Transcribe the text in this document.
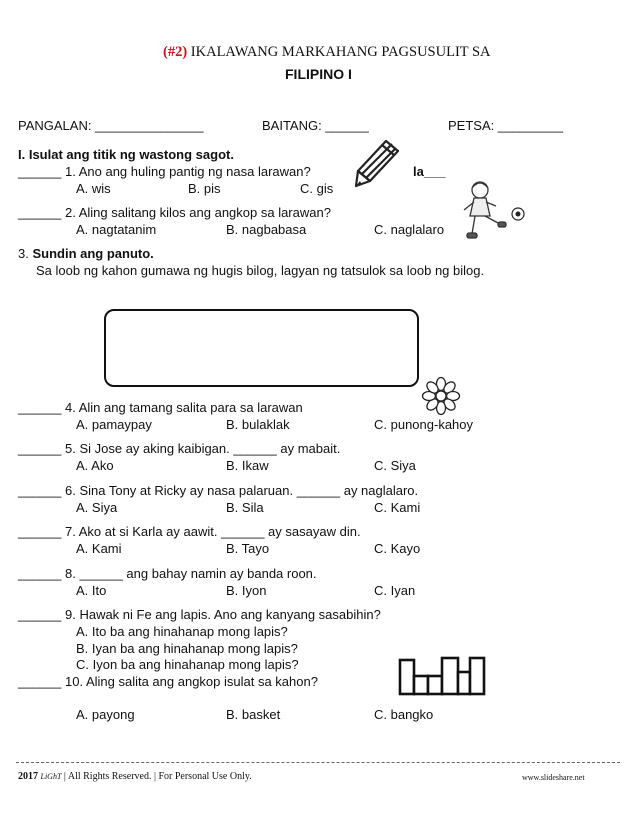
(#2) IKALAWANG MARKAHANG PAGSUSULIT SA
FILIPINO I
PANGALAN: _______________	BAITANG: ______	PETSA: _________
I. Isulat ang titik ng wastong sagot.
______ 1. Ano ang huling pantig ng nasa larawan?	la___
A. wis	B. pis	C. gis
______ 2. Aling salitang kilos ang angkop sa larawan?
A. nagtatanim	B. nagbabasa	C. naglalaro
3. Sundin ang panuto.
Sa loob ng kahon gumawa ng hugis bilog, lagyan ng tatsulok sa loob ng bilog.
______ 4. Alin ang tamang salita para sa larawan
A. pamaypay	B. bulaklak	C. punong-kahoy
______ 5. Si Jose ay aking kaibigan. ______ ay mabait.
A. Ako	B. Ikaw	C. Siya
______ 6. Sina Tony at Ricky ay nasa palaruan. ______ ay naglalaro.
A. Siya	B. Sila	C. Kami
______ 7. Ako at si Karla ay aawit. ______ ay sasayaw din.
A. Kami	B. Tayo	C. Kayo
______ 8. ______ ang bahay namin ay banda roon.
A. Ito	B. Iyon	C. Iyan
______ 9. Hawak ni Fe ang lapis. Ano ang kanyang sasabihin?
A. Ito ba ang hinahanap mong lapis?
B. Iyan ba ang hinahanap mong lapis?
C. Iyon ba ang hinahanap mong lapis?
______ 10. Aling salita ang angkop isulat sa kahon?
A. payong	B. basket	C. bangko
2017 LiGhT | All Rights Reserved. | For Personal Use Only.	www.slideshare.net
